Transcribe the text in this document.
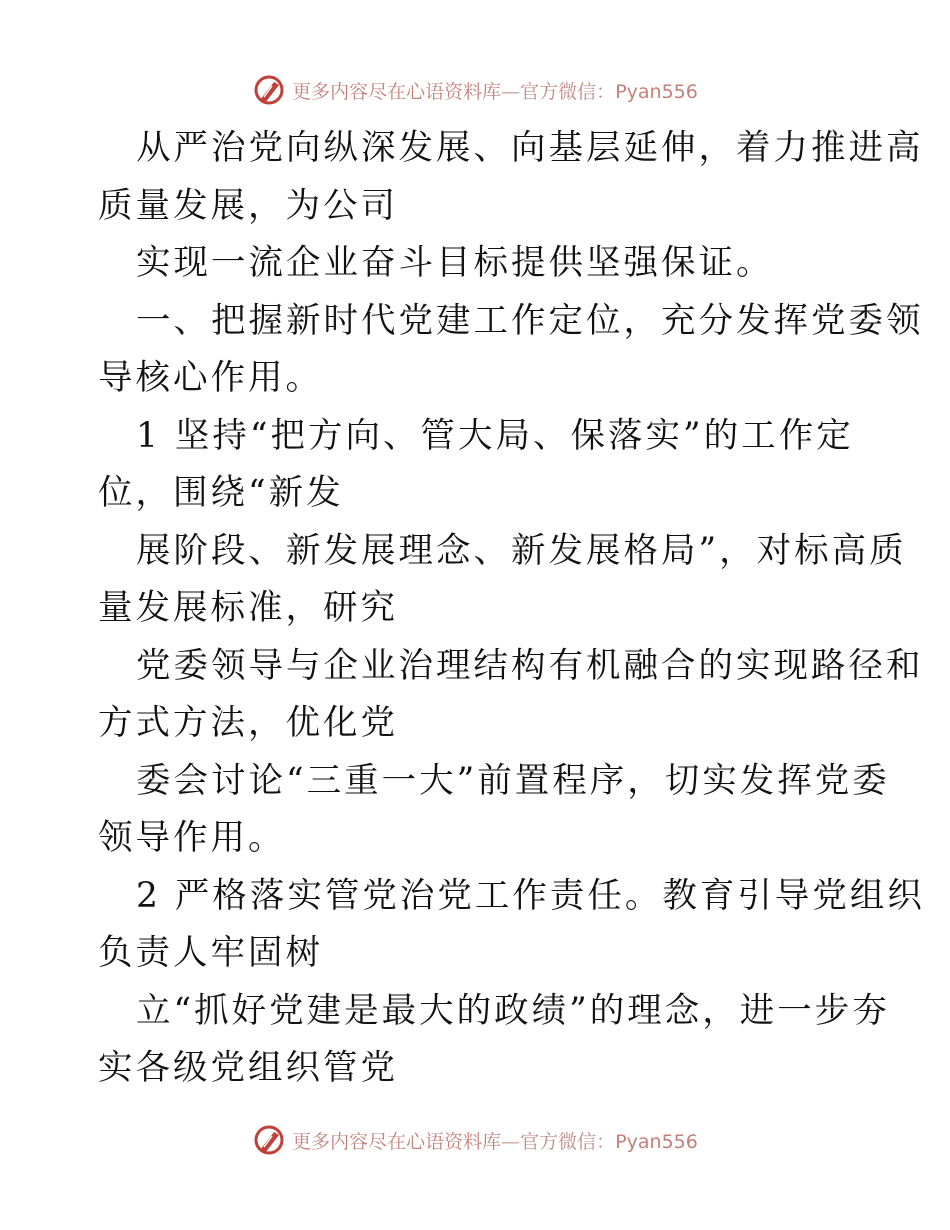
更多内容尽在心语资料库—官方微信：Pyan556
从严治党向纵深发展、向基层延伸，着力推进高
质量发展，为公司
实现一流企业奋斗目标提供坚强保证。
一、把握新时代党建工作定位，充分发挥党委领
导核心作用。
1 坚持“把方向、管大局、保落实”的工作定
位，围绕“新发
展阶段、新发展理念、新发展格局”，对标高质
量发展标准，研究
党委领导与企业治理结构有机融合的实现路径和
方式方法，优化党
委会讨论“三重一大”前置程序，切实发挥党委
领导作用。
2 严格落实管党治党工作责任。教育引导党组织
负责人牢固树
立“抓好党建是最大的政绩”的理念，进一步夯
实各级党组织管党
更多内容尽在心语资料库—官方微信：Pyan556
